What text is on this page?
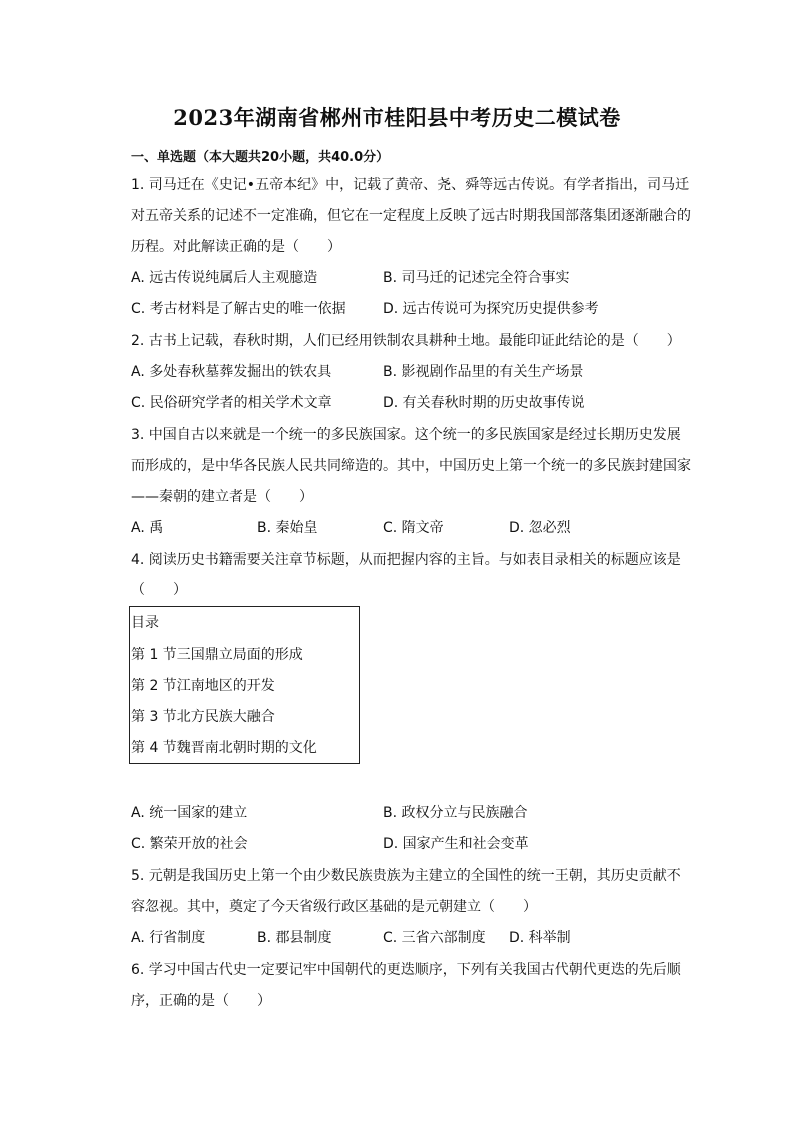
2023年湖南省郴州市桂阳县中考历史二模试卷
一、单选题（本大题共20小题，共40.0分）
1. 司马迁在《史记•五帝本纪》中，记载了黄帝、尧、舜等远古传说。有学者指出，司马迁
对五帝关系的记述不一定准确，但它在一定程度上反映了远古时期我国部落集团逐渐融合的
历程。对此解读正确的是（　　）
A. 远古传说纯属后人主观臆造	B. 司马迁的记述完全符合事实
C. 考古材料是了解古史的唯一依据	D. 远古传说可为探究历史提供参考
2. 古书上记载，春秋时期，人们已经用铁制农具耕种土地。最能印证此结论的是（　　）
A. 多处春秋墓葬发掘出的铁农具	B. 影视剧作品里的有关生产场景
C. 民俗研究学者的相关学术文章	D. 有关春秋时期的历史故事传说
3. 中国自古以来就是一个统一的多民族国家。这个统一的多民族国家是经过长期历史发展
而形成的，是中华各民族人民共同缔造的。其中，中国历史上第一个统一的多民族封建国家
——秦朝的建立者是（　　）
A. 禹	B. 秦始皇	C. 隋文帝	D. 忽必烈
4. 阅读历史书籍需要关注章节标题，从而把握内容的主旨。与如表目录相关的标题应该是
（　　）
目录
第 1 节三国鼎立局面的形成
第 2 节江南地区的开发
第 3 节北方民族大融合
第 4 节魏晋南北朝时期的文化
A. 统一国家的建立	B. 政权分立与民族融合
C. 繁荣开放的社会	D. 国家产生和社会变革
5. 元朝是我国历史上第一个由少数民族贵族为主建立的全国性的统一王朝，其历史贡献不
容忽视。其中，奠定了今天省级行政区基础的是元朝建立（　　）
A. 行省制度	B. 郡县制度	C. 三省六部制度 D. 科举制
6. 学习中国古代史一定要记牢中国朝代的更迭顺序，下列有关我国古代朝代更迭的先后顺
序，正确的是（　　）
